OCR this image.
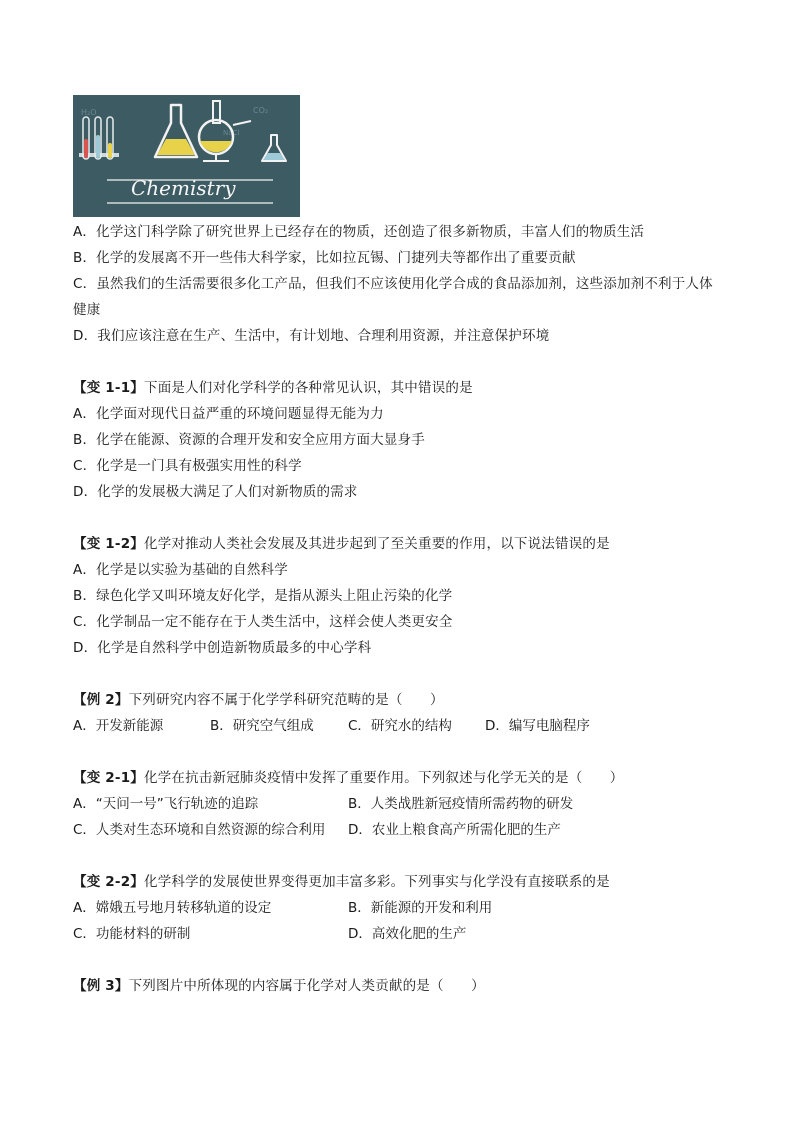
H₂O	CO₂
NaCl
Chemistry
A．化学这门科学除了研究世界上已经存在的物质，还创造了很多新物质，丰富人们的物质生活
B．化学的发展离不开一些伟大科学家，比如拉瓦锡、门捷列夫等都作出了重要贡献
C．虽然我们的生活需要很多化工产品，但我们不应该使用化学合成的食品添加剂，这些添加剂不利于人体
健康
D．我们应该注意在生产、生活中，有计划地、合理利用资源，并注意保护环境
【变 1-1】下面是人们对化学科学的各种常见认识，其中错误的是
A．化学面对现代日益严重的环境问题显得无能为力
B．化学在能源、资源的合理开发和安全应用方面大显身手
C．化学是一门具有极强实用性的科学
D．化学的发展极大满足了人们对新物质的需求
【变 1-2】化学对推动人类社会发展及其进步起到了至关重要的作用，以下说法错误的是
A．化学是以实验为基础的自然科学
B．绿色化学又叫环境友好化学，是指从源头上阻止污染的化学
C．化学制品一定不能存在于人类生活中，这样会使人类更安全
D．化学是自然科学中创造新物质最多的中心学科
【例 2】下列研究内容不属于化学学科研究范畴的是（　　）
A．开发新能源	B．研究空气组成	C．研究水的结构 D．编写电脑程序
【变 2-1】化学在抗击新冠肺炎疫情中发挥了重要作用。下列叙述与化学无关的是（　　）
A．“天问一号”飞行轨迹的追踪	B．人类战胜新冠疫情所需药物的研发
C．人类对生态环境和自然资源的综合利用 D．农业上粮食高产所需化肥的生产
【变 2-2】化学科学的发展使世界变得更加丰富多彩。下列事实与化学没有直接联系的是
A．嫦娥五号地月转移轨道的设定	B．新能源的开发和利用
C．功能材料的研制	D．高效化肥的生产
【例 3】下列图片中所体现的内容属于化学对人类贡献的是（　　）
